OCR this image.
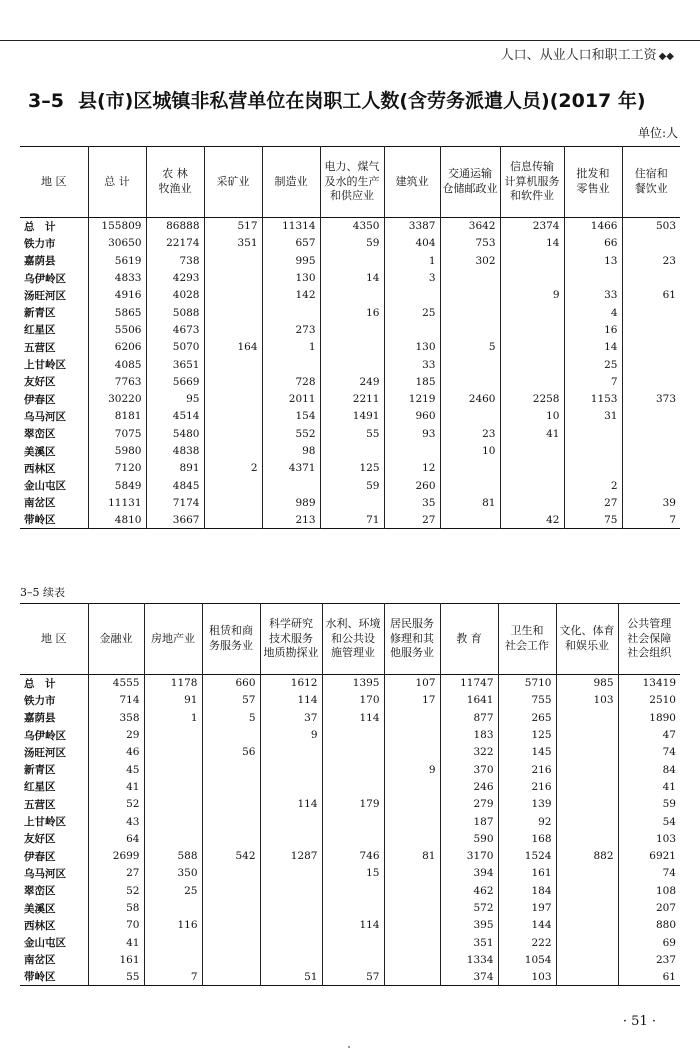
人口、从业人口和职工工资 ◆◆
3–5 县(市)区城镇非私营单位在岗职工人数(含劳务派遣人员)(2017 年)
单位:人
地 区	总 计	农 林
牧渔业	采矿业	制造业	电力、煤气
及水的生产
和供应业	建筑业	交通运输
仓储邮政业	信息传输
计算机服务
和软件业	批发和
零售业	住宿和
餐饮业
总　计	155809	86888	517	11314	4350	3387	3642	2374	1466	503
铁力市	30650	22174	351	657	59	404	753	14	66	
嘉荫县	5619	738		995		1	302		13	23
乌伊岭区	4833	4293		130	14	3				
汤旺河区	4916	4028		142				9	33	61
新青区	5865	5088			16	25			4	
红星区	5506	4673		273					16	
五营区	6206	5070	164	1		130	5		14	
上甘岭区	4085	3651				33			25	
友好区	7763	5669		728	249	185			7	
伊春区	30220	95		2011	2211	1219	2460	2258	1153	373
乌马河区	8181	4514		154	1491	960		10	31	
翠峦区	7075	5480		552	55	93	23	41		
美溪区	5980	4838		98			10			
西林区	7120	891	2	4371	125	12				
金山屯区	5849	4845			59	260			2	
南岔区	11131	7174		989		35	81		27	39
带岭区	4810	3667		213	71	27		42	75	7
3–5 续表
地 区	金融业	房地产业	租赁和商
务服务业	科学研究
技术服务
地质勘探业	水利、环境
和公共设
施管理业	居民服务
修理和其
他服务业	教 育	卫生和
社会工作	文化、体育
和娱乐业	公共管理
社会保障
社会组织
总　计	4555	1178	660	1612	1395	107	11747	5710	985	13419
铁力市	714	91	57	114	170	17	1641	755	103	2510
嘉荫县	358	1	5	37	114		877	265		1890
乌伊岭区	29			9			183	125		47
汤旺河区	46		56				322	145		74
新青区	45					9	370	216		84
红星区	41						246	216		41
五营区	52			114	179		279	139		59
上甘岭区	43						187	92		54
友好区	64						590	168		103
伊春区	2699	588	542	1287	746	81	3170	1524	882	6921
乌马河区	27	350			15		394	161		74
翠峦区	52	25					462	184		108
美溪区	58						572	197		207
西林区	70	116			114		395	144		880
金山屯区	41						351	222		69
南岔区	161						1334	1054		237
带岭区	55	7		51	57		374	103		61
· 51 ·
